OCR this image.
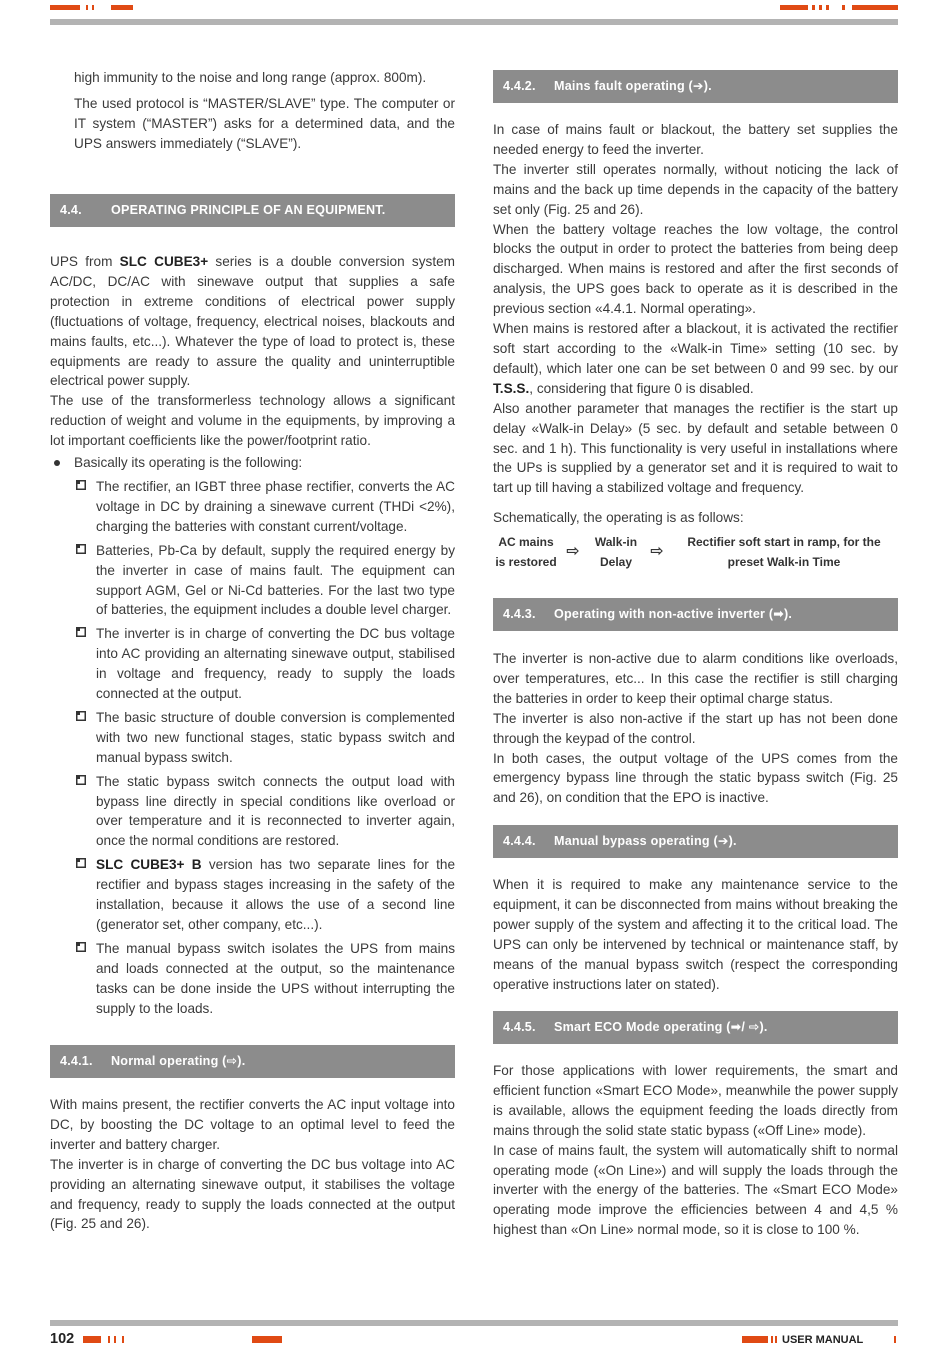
high immunity to the noise and long range (approx. 800m).

The used protocol is “MASTER/SLAVE” type. The computer or IT system (“MASTER”) asks for a determined data, and the UPS answers immediately (“SLAVE”).

4.4. OPERATING PRINCIPLE OF AN EQUIPMENT.

UPS from SLC CUBE3+ series is a double conversion system AC/DC, DC/AC with sinewave output that supplies a safe protection in extreme conditions of electrical power supply (fluctuations of voltage, frequency, electrical noises, blackouts and mains faults, etc...). Whatever the type of load to protect is, these equipments are ready to assure the quality and uninterruptible electrical power supply.

The use of the transformerless technology allows a significant reduction of weight and volume in the equipments, by improving a lot important coefficients like the power/footprint ratio.

Basically its operating is the following:
The rectifier, an IGBT three phase rectifier, converts the AC voltage in DC by draining a sinewave current (THDi <2%), charging the batteries with constant current/voltage.
Batteries, Pb-Ca by default, supply the required energy by the inverter in case of mains fault. The equipment can support AGM, Gel or Ni-Cd batteries. For the last two type of batteries, the equipment includes a double level charger.
The inverter is in charge of converting the DC bus voltage into AC providing an alternating sinewave output, stabilised in voltage and frequency, ready to supply the loads connected at the output.
The basic structure of double conversion is complemented with two new functional stages, static bypass switch and manual bypass switch.
The static bypass switch connects the output load with bypass line directly in special conditions like overload or over temperature and it is reconnected to inverter again, once the normal conditions are restored.
SLC CUBE3+ B version has two separate lines for the rectifier and bypass stages increasing in the safety of the installation, because it allows the use of a second line (generator set, other company, etc...).
The manual bypass switch isolates the UPS from mains and loads connected at the output, so the maintenance tasks can be done inside the UPS without interrupting the supply to the loads.
4.4.1. Normal operating (⇨).

With mains present, the rectifier converts the AC input voltage into DC, by boosting the DC voltage to an optimal level to feed the inverter and battery charger.

The inverter is in charge of converting the DC bus voltage into AC providing an alternating sinewave output, it stabilises the voltage and frequency, ready to supply the loads connected at the output (Fig. 25 and 26).

4.4.2. Mains fault operating (➔).

In case of mains fault or blackout, the battery set supplies the needed energy to feed the inverter.

The inverter still operates normally, without noticing the lack of mains and the back up time depends in the capacity of the battery set only (Fig. 25 and 26).

When the battery voltage reaches the low voltage, the control blocks the output in order to protect the batteries from being deep discharged. When mains is restored and after the first seconds of analysis, the UPS goes back to operate as it is described in the previous section «4.4.1. Normal operating».

When mains is restored after a blackout, it is activated the rectifier soft start according to the «Walk-in Time» setting (10 sec. by default), which later one can be set between 0 and 99 sec. by our T.S.S., considering that figure 0 is disabled.

Also another parameter that manages the rectifier is the start up delay «Walk-in Delay» (5 sec. by default and setable between 0 sec. and 1 h). This functionality is very useful in installations where the UPs is supplied by a generator set and it is required to wait to tart up till having a stabilized voltage and frequency.

Schematically, the operating is as follows:

AC mains
is restored
⇨
Walk-in
Delay
⇨
Rectifier soft start in ramp, for the
preset Walk-in Time
4.4.3. Operating with non-active inverter (➡).

The inverter is non-active due to alarm conditions like overloads, over temperatures, etc... In this case the rectifier is still charging the batteries in order to keep their optimal charge status.

The inverter is also non-active if the start up has not been done through the keypad of the control.

In both cases, the output voltage of the UPS comes from the emergency bypass line through the static bypass switch (Fig. 25 and 26), on condition that the EPO is inactive.

4.4.4. Manual bypass operating (➔).

When it is required to make any maintenance service to the equipment, it can be disconnected from mains without breaking the power supply of the system and affecting it to the critical load. The UPS can only be intervened by technical or maintenance staff, by means of the manual bypass switch (respect the corresponding operative instructions later on stated).

4.4.5. Smart ECO Mode operating (➡/ ⇨).

For those applications with lower requirements, the smart and efficient function «Smart ECO Mode», meanwhile the power supply is available, allows the equipment feeding the loads directly from mains through the solid state static bypass («Off Line» mode).

In case of mains fault, the system will automatically shift to normal operating mode («On Line») and will supply the loads through the inverter with the energy of the batteries. The «Smart ECO Mode» operating mode improve the efficiencies between 4 and 4,5 % highest than «On Line» normal mode, so it is close to 100 %.

102	USER MANUAL
